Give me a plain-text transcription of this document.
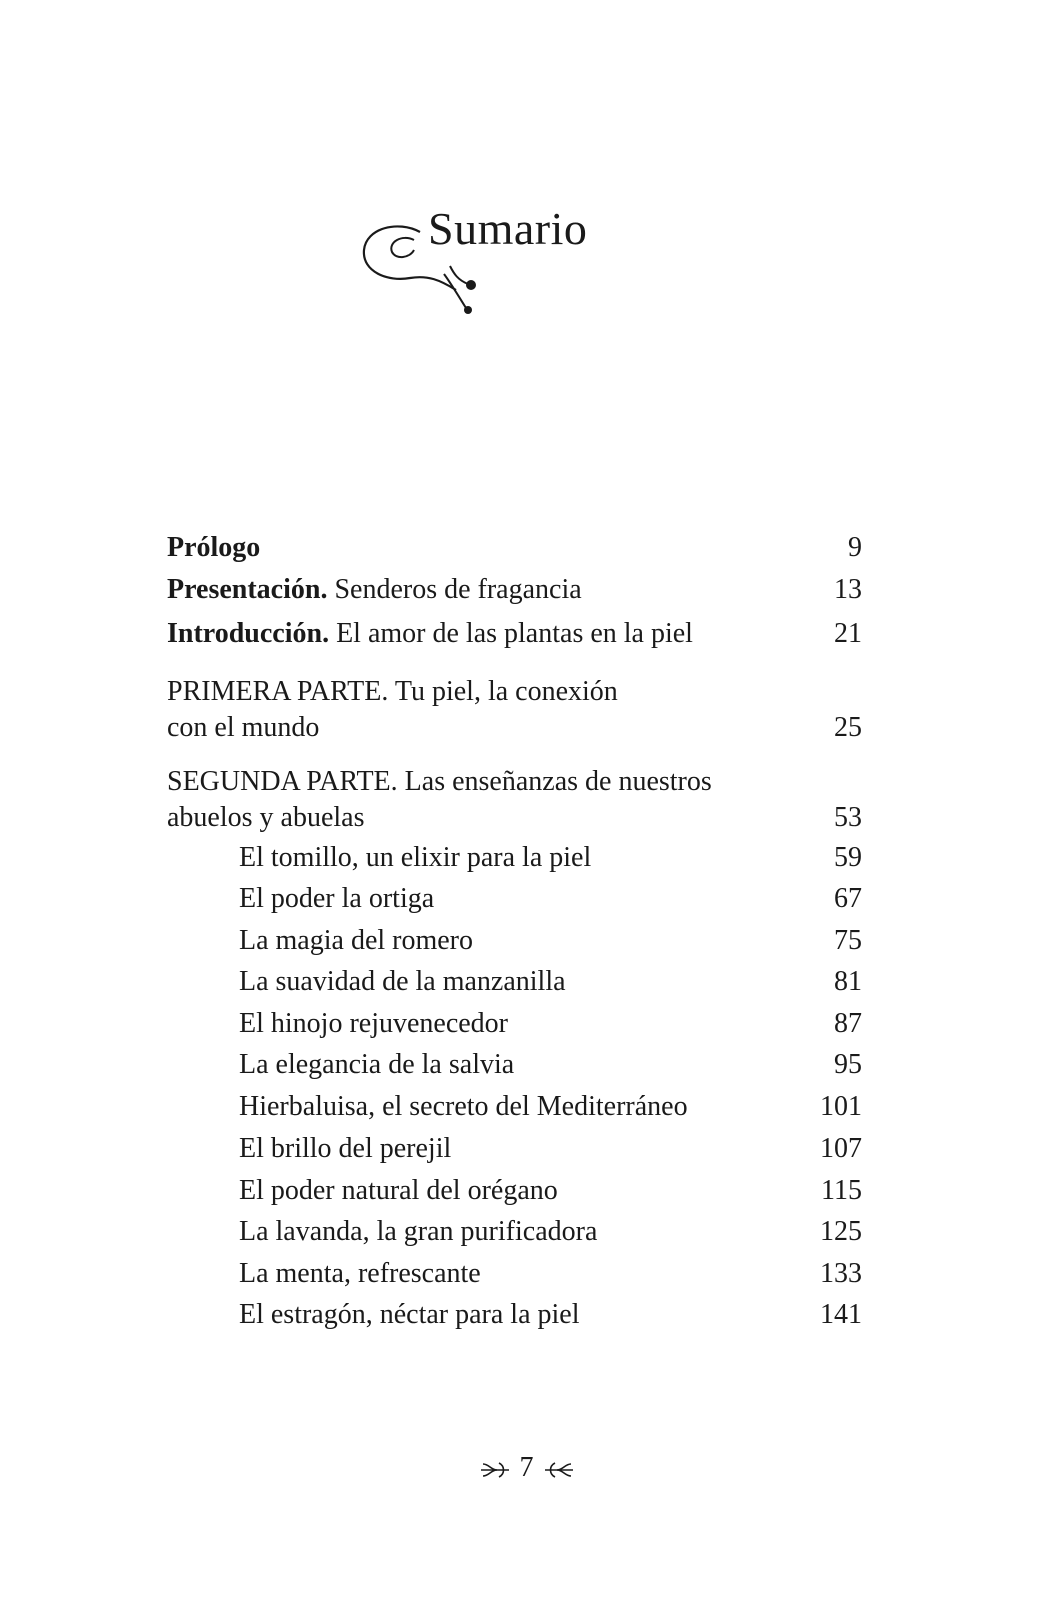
Sumario
Prólogo	9
Presentación. Senderos de fragancia	13
Introducción. El amor de las plantas en la piel	21
PRIMERA PARTE. Tu piel, la conexión
con el mundo	25
SEGUNDA PARTE. Las enseñanzas de nuestros
abuelos y abuelas	53
El tomillo, un elixir para la piel	59
El poder la ortiga	67
La magia del romero	75
La suavidad de la manzanilla	81
El hinojo rejuvenecedor	87
La elegancia de la salvia	95
Hierbaluisa, el secreto del Mediterráneo	101
El brillo del perejil	107
El poder natural del orégano	115
La lavanda, la gran purificadora	125
La menta, refrescante	133
El estragón, néctar para la piel	141
7
